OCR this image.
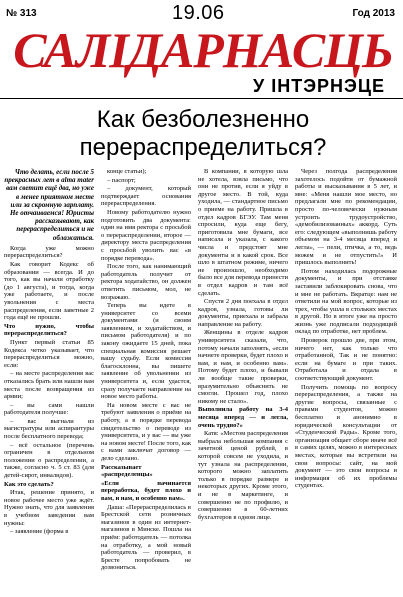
№ 313	19.06	Год 2013
САЛІДАРНАСЦЬ
У ІНТЭРНЭЦЕ
Как безболезненно перераспределиться?
Что делать, если после 5 прекрасных лет в alma mater вам светит ещё два, но уже в менее приятном месте или за скромную зарплату. Не отчаиваемся! Юристы рассказывают, как перераспределиться и не облажаться.

Когда уже можно перераспределиться?

Как говорит Кодекс об образовании — всегда. И до того, как вы начали отработку (до 1 августа), и тогда, когда уже работаете, и после увольнения с места распределения, если заветные 2 года ещё не прошли.

Что нужно, чтобы перераспределиться?

Пункт первый статьи 85 Кодекса четко указывает, что перераспределиться можно, если:

– на месте распределения вас отказались брать или нашли вам места после возвращения из армии;

– вы сами нашли работодателя получше:

– вас выгнали из магистратуры или аспирантуры после бесплатного перевода;

– всё остальное (перечень ограничен в отдельном положении о распределении, а также, согласно ч. 5 ст. 83 (для детей-сирот, инвалидов).

Как это сделать?

Итак, решение принято, и новое рабочее место уже ждёт. Нужно знать, что для заявления в учебном заведении вам нужны:

– заявление (форма в

конце статьи);

– паспорт;

– документ, который подтверждает основания перераспределения.

Новому работодателю нужно подготовить два документа: один на имя ректора с просьбой о перераспределении, второе — директору места распределения с просьбой уволить вас «в порядке перевода».

После того, как нанимающий работодатель получит от ректора ходатайство, он должен ответить письмом, мол, не возражаю.

Теперь вы идете в университет со всеми документами (и своим заявлением, и ходатайством, и письмом работодателя) и по закону ожидаете 15 дней, пока специальная комиссия решает вашу судьбу. Если комиссия благосклонна, вы пишете заявление об увольнении из университета и, если удастся, сразу получаете направление на новое место работы.

На новом месте с вас не требуют заявления о приёме на работу, а в порядке перевода свидетельство о переводе из университета, и у вас — вы уже на новом месте! После того, как с вами заключат договор — дело сделано.

Рассказывает «распределенцы»

«Если начинается переработка, будет плохо и вам, и нам, и особенно вам».

Даша: «Перераспределилась в Брестской сети розничных магазинов в один из интернет-магазинов в Минске. Пошла на приём: работодатель — потолка на отработку, а мой новый работодатель — проверил, в Бресте попробовать не дозвониться.

В компании, в которую шла не хотела, взяла письмо, что они не против, если я уйду в другое место. В той, куда уходила, — стандартное письмо о приеме на работу. Пришла в отдел кадров БГЭУ. Там меня спросили, куда еще бегу, приготовила мне бумаги, все написала и указала, с какого числа и предстоят мне документы и в какой срок. Все шло в штатном режиме, ничего не произошло, необходимо было все для перевода принести в отдел кадров и там всё сделать.

Спустя 2 дня поехала в отдел кадров, узнала, готовы ли документы, приехала и забрала направление на работу.

Женщины в отделе кадров университета сказали, что, потому начали заполнять, «если начнете проверки, будет плохо и вам, и нам, и особенно вам». Потому будет плохо, и бывали ли вообще такие проверки, вразумительно объяснить не смогли. Прошел год, плохо никому не стало».

Выполнила работу на 3-4 месяца вперед — и легла, очень трудно?»

Катя: «Местом распределения выбрала небольшая компания с зачетной ценой рублей, в которой совсем не уходила, и тут узнала на распределении, которого можно заплатить только в порядке размере и некоторых других. Кроме этого, и не в маркетинге, и совершенно не по профилю, и совершенно в 60-летних бухгалтеров в одном лице.

Через полгода распределения захотелось подойти от бумажной работы и высказывания в 5 лет, и мне: «Меня нашли мое место, но предлагали мне по рекомендации, просто по-человечески нужным устроить трудоустройство, «демобилизованных» аккорд. Суть его: следующем «выполнишь работу объемом на 3-4 месяца вперед и легла», — пели, птичка, а то, ведь можем и не отпустить!» И пришлось выполнить!

Потом находилась подорожные документы, и при отставке заставили заблокировать снова, что и мне не работать. Вкратце: нам не ответили на мой вопрос, которые из трех, чтобы ушла в стольких местах в другой. Но в итоге уже на просто жизнь уже подписали подходящий оклад по отработке, нет проблем.

Проверок прошло две, при этом, ничего нет, как только что отработанной, Так и не понятно: если на бумаге и при таких. Отработала и отдала в соответствующий документ.

Получить помощь по вопросу перераспределения, а также на другие вопросы, связанные с правами студентов, можно бесплатно и анонимно в юридической консультации от «Студенческой Рады». Кроме того, организация общает сборе иначе всё в самих целях, можно в интересных местах, которые вы встретили на свои вопросы: сайт, на мой документ — это свои вопросы и информация об их проблемы студентах.
